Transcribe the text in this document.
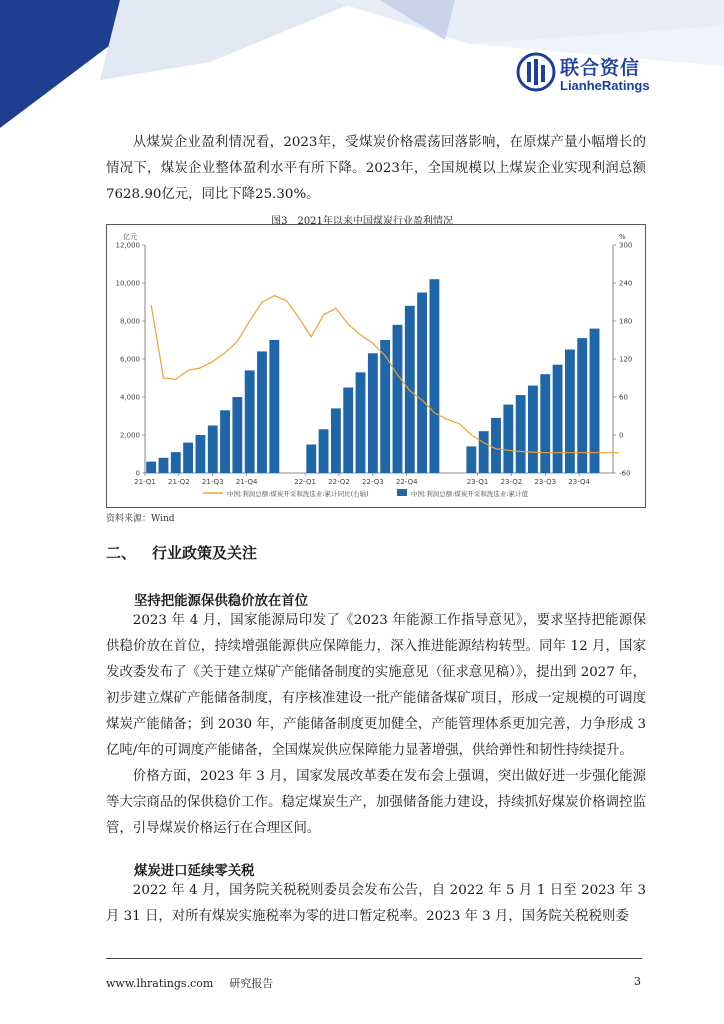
联合资信
LianheRatings

从煤炭企业盈利情况看，2023年，受煤炭价格震荡回落影响，在原煤产量小幅增长的情况下，煤炭企业整体盈利水平有所下降。2023年，全国规模以上煤炭企业实现利润总额7628.90亿元，同比下降25.30%。

图3　2021年以来中国煤炭行业盈利情况
亿元	%
0
2,000
4,000
6,000
8,000
10,000
12,000
-60
0
60
120
180
240
300
21-Q1 21-Q2 21-Q3 21-Q4	22-Q1 22-Q2 22-Q3 22-Q4	23-Q1 23-Q2 23-Q3 23-Q4
中国:利润总额:煤炭开采和洗选业:累计同比(右轴)	中国:利润总额:煤炭开采和洗选业:累计值
资料来源：Wind
二、 行业政策及关注
坚持把能源保供稳价放在首位

2023 年 4 月，国家能源局印发了《2023 年能源工作指导意见》，要求坚持把能源保供稳价放在首位，持续增强能源供应保障能力，深入推进能源结构转型。同年 12 月，国家发改委发布了《关于建立煤矿产能储备制度的实施意见（征求意见稿）》，提出到 2027 年，初步建立煤矿产能储备制度，有序核准建设一批产能储备煤矿项目，形成一定规模的可调度煤炭产能储备；到 2030 年，产能储备制度更加健全，产能管理体系更加完善，力争形成 3 亿吨/年的可调度产能储备，全国煤炭供应保障能力显著增强，供给弹性和韧性持续提升。

价格方面，2023 年 3 月，国家发展改革委在发布会上强调，突出做好进一步强化能源等大宗商品的保供稳价工作。稳定煤炭生产，加强储备能力建设，持续抓好煤炭价格调控监管，引导煤炭价格运行在合理区间。

煤炭进口延续零关税

2022 年 4 月，国务院关税税则委员会发布公告，自 2022 年 5 月 1 日至 2023 年 3 月 31 日，对所有煤炭实施税率为零的进口暂定税率。2023 年 3 月，国务院关税税则委

www.lhratings.com 研究报告	3
